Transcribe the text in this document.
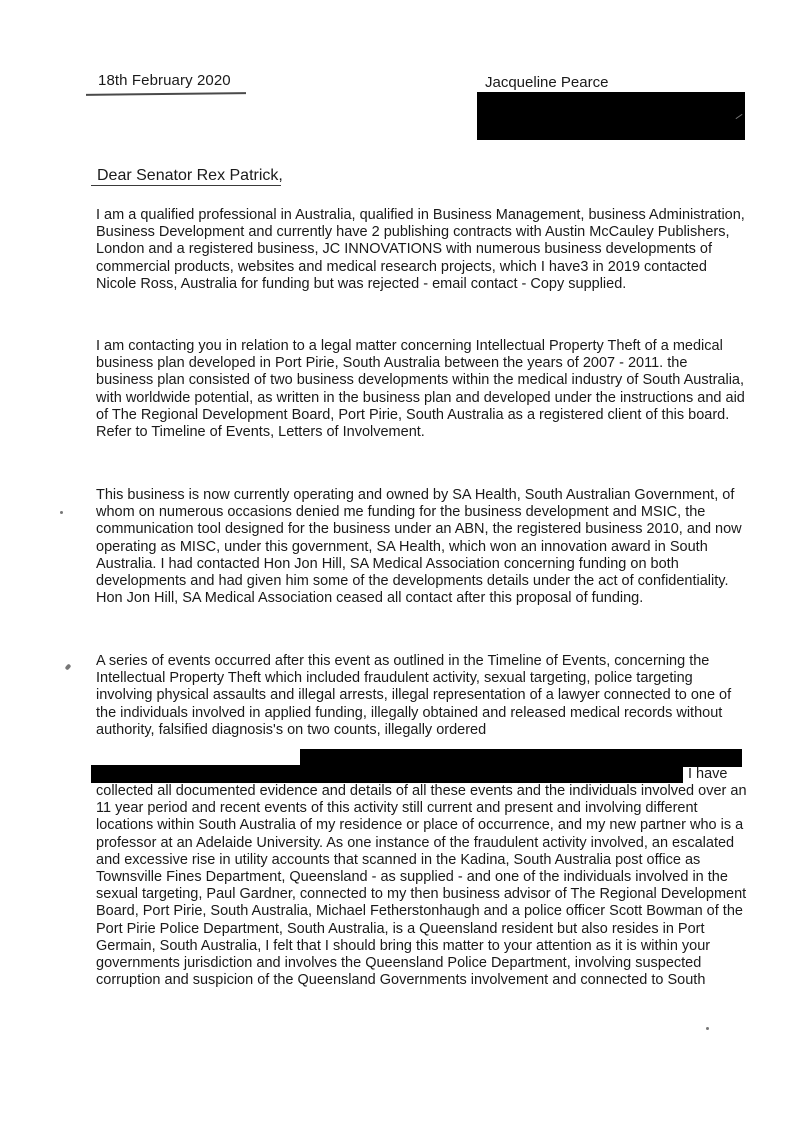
18th February 2020	Jacqueline Pearce
Dear Senator Rex Patrick,

I am a qualified professional in Australia, qualified in Business Management, business Administration, Business Development and currently have 2 publishing contracts with Austin McCauley Publishers, London and a registered business, JC INNOVATIONS with numerous business developments of commercial products, websites and medical research projects, which I have3 in 2019 contacted Nicole Ross, Australia for funding but was rejected - email contact - Copy supplied.

I am contacting you in relation to a legal matter concerning Intellectual Property Theft of a medical business plan developed in Port Pirie, South Australia between the years of 2007 - 2011. the business plan consisted of two business developments within the medical industry of South Australia, with worldwide potential, as written in the business plan and developed under the instructions and aid of The Regional Development Board, Port Pirie, South Australia as a registered client of this board. Refer to Timeline of Events, Letters of Involvement.

This business is now currently operating and owned by SA Health, South Australian Government, of whom on numerous occasions denied me funding for the business development and MSIC, the communication tool designed for the business under an ABN, the registered business 2010, and now operating as MISC, under this government, SA Health, which won an innovation award in South Australia. I had contacted Hon Jon Hill, SA Medical Association concerning funding on both developments and had given him some of the developments details under the act of confidentiality. Hon Jon Hill, SA Medical Association ceased all contact after this proposal of funding.

A series of events occurred after this event as outlined in the Timeline of Events, concerning the Intellectual Property Theft which included fraudulent activity, sexual targeting, police targeting involving physical assaults and illegal arrests, illegal representation of a lawyer connected to one of the individuals involved in applied funding, illegally obtained and released medical records without authority, falsified diagnosis's on two counts, illegally ordered

I have

collected all documented evidence and details of all these events and the individuals involved over an 11 year period and recent events of this activity still current and present and involving different locations within South Australia of my residence or place of occurrence, and my new partner who is a professor at an Adelaide University. As one instance of the fraudulent activity involved, an escalated and excessive rise in utility accounts that scanned in the Kadina, South Australia post office as Townsville Fines Department, Queensland - as supplied - and one of the individuals involved in the sexual targeting, Paul Gardner, connected to my then business advisor of The Regional Development Board, Port Pirie, South Australia, Michael Fetherstonhaugh and a police officer Scott Bowman of the Port Pirie Police Department, South Australia, is a Queensland resident but also resides in Port Germain, South Australia, I felt that I should bring this matter to your attention as it is within your governments jurisdiction and involves the Queensland Police Department, involving suspected corruption and suspicion of the Queensland Governments involvement and connected to South
